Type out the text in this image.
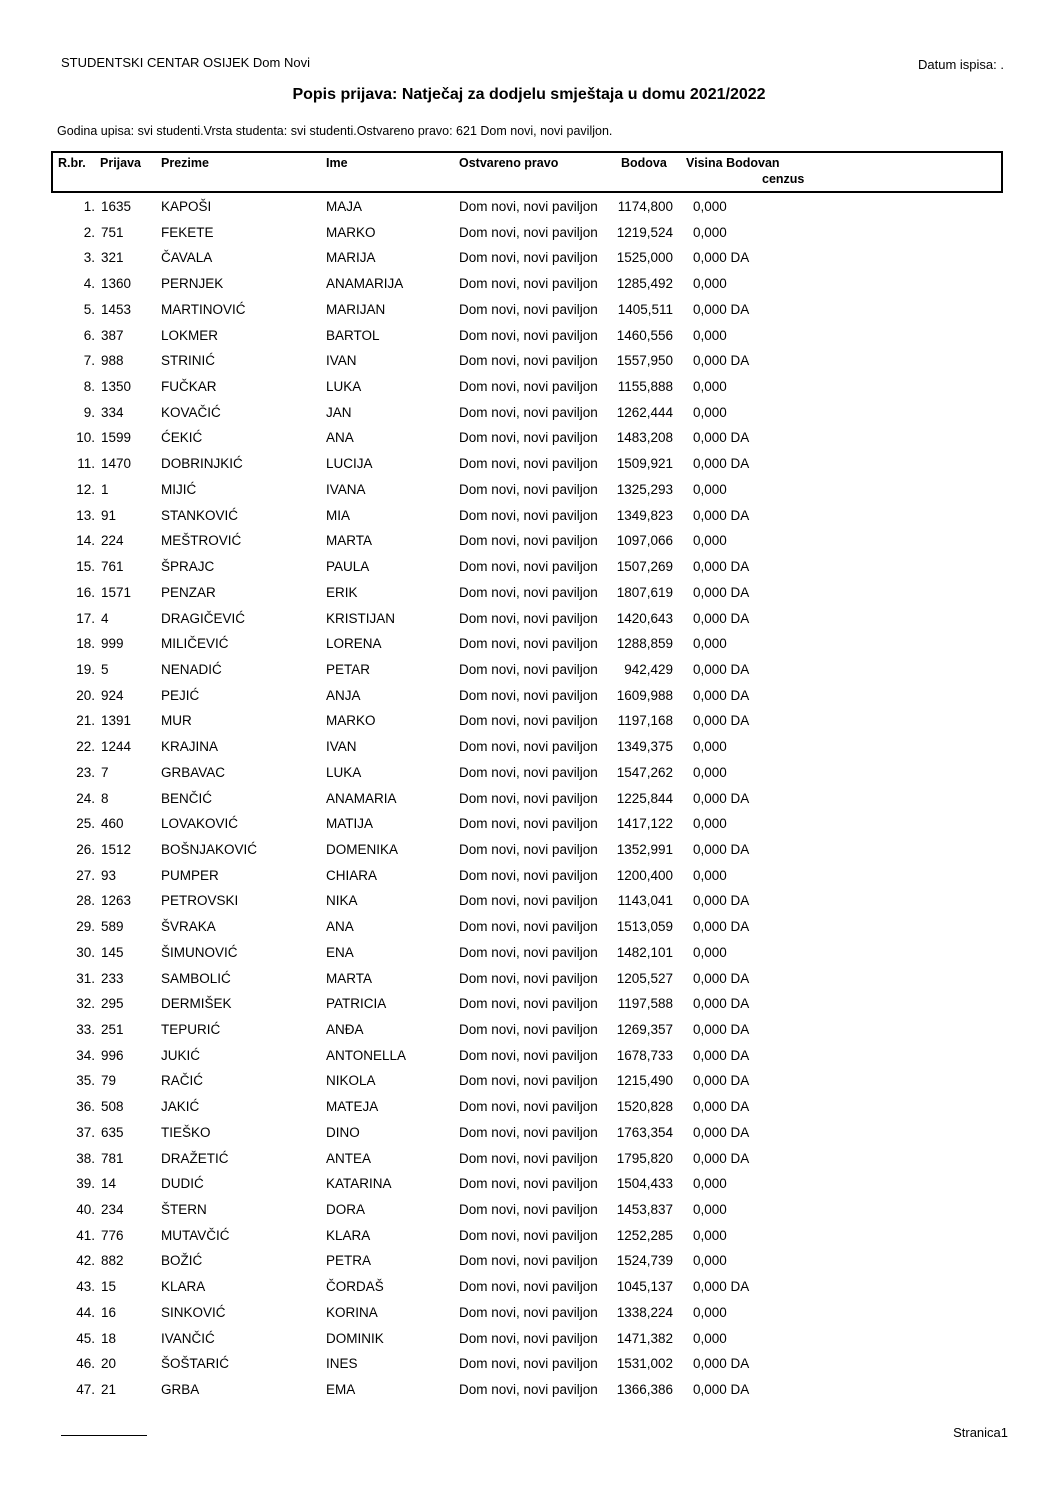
STUDENTSKI CENTAR OSIJEK Dom Novi	Datum ispisa: .
Popis prijava: Natječaj za dodjelu smještaja u domu 2021/2022
Godina upisa: svi studenti.Vrsta studenta: svi studenti.Ostvareno pravo: 621 Dom novi, novi paviljon.
R.br. Prijava Prezime	Ime	Ostvareno pravo	Bodova Visina Bodovan
cenzus
1. 1635 KAPOŠI	MAJA	Dom novi, novi paviljon 1174,800 0,000
2. 751	FEKETE	MARKO	Dom novi, novi paviljon 1219,524 0,000
3. 321	ČAVALA	MARIJA	Dom novi, novi paviljon 1525,000 0,000 DA
4. 1360 PERNJEK	ANAMARIJA	Dom novi, novi paviljon 1285,492 0,000
5. 1453 MARTINOVIĆ	MARIJAN	Dom novi, novi paviljon 1405,511 0,000 DA
6. 387	LOKMER	BARTOL	Dom novi, novi paviljon 1460,556 0,000
7. 988	STRINIĆ	IVAN	Dom novi, novi paviljon 1557,950 0,000 DA
8. 1350 FUČKAR	LUKA	Dom novi, novi paviljon 1155,888 0,000
9. 334	KOVAČIĆ	JAN	Dom novi, novi paviljon 1262,444 0,000
10. 1599 ĆEKIĆ	ANA	Dom novi, novi paviljon 1483,208 0,000 DA
11. 1470 DOBRINJKIĆ	LUCIJA	Dom novi, novi paviljon 1509,921 0,000 DA
12. 1	MIJIĆ	IVANA	Dom novi, novi paviljon 1325,293 0,000
13. 91	STANKOVIĆ	MIA	Dom novi, novi paviljon 1349,823 0,000 DA
14. 224	MEŠTROVIĆ	MARTA	Dom novi, novi paviljon 1097,066 0,000
15. 761	ŠPRAJC	PAULA	Dom novi, novi paviljon 1507,269 0,000 DA
16. 1571 PENZAR	ERIK	Dom novi, novi paviljon 1807,619 0,000 DA
17. 4	DRAGIČEVIĆ	KRISTIJAN	Dom novi, novi paviljon 1420,643 0,000 DA
18. 999	MILIČEVIĆ	LORENA	Dom novi, novi paviljon 1288,859 0,000
19. 5	NENADIĆ	PETAR	Dom novi, novi paviljon 942,429 0,000 DA
20. 924	PEJIĆ	ANJA	Dom novi, novi paviljon 1609,988 0,000 DA
21. 1391 MUR	MARKO	Dom novi, novi paviljon 1197,168 0,000 DA
22. 1244 KRAJINA	IVAN	Dom novi, novi paviljon 1349,375 0,000
23. 7	GRBAVAC	LUKA	Dom novi, novi paviljon 1547,262 0,000
24. 8	BENČIĆ	ANAMARIA	Dom novi, novi paviljon 1225,844 0,000 DA
25. 460	LOVAKOVIĆ	MATIJA	Dom novi, novi paviljon 1417,122 0,000
26. 1512 BOŠNJAKOVIĆ	DOMENIKA	Dom novi, novi paviljon 1352,991 0,000 DA
27. 93	PUMPER	CHIARA	Dom novi, novi paviljon 1200,400 0,000
28. 1263 PETROVSKI	NIKA	Dom novi, novi paviljon 1143,041 0,000 DA
29. 589	ŠVRAKA	ANA	Dom novi, novi paviljon 1513,059 0,000 DA
30. 145	ŠIMUNOVIĆ	ENA	Dom novi, novi paviljon 1482,101 0,000
31. 233	SAMBOLIĆ	MARTA	Dom novi, novi paviljon 1205,527 0,000 DA
32. 295	DERMIŠEK	PATRICIA	Dom novi, novi paviljon 1197,588 0,000 DA
33. 251	TEPURIĆ	ANĐA	Dom novi, novi paviljon 1269,357 0,000 DA
34. 996	JUKIĆ	ANTONELLA	Dom novi, novi paviljon 1678,733 0,000 DA
35. 79	RAČIĆ	NIKOLA	Dom novi, novi paviljon 1215,490 0,000 DA
36. 508	JAKIĆ	MATEJA	Dom novi, novi paviljon 1520,828 0,000 DA
37. 635	TIEŠKO	DINO	Dom novi, novi paviljon 1763,354 0,000 DA
38. 781	DRAŽETIĆ	ANTEA	Dom novi, novi paviljon 1795,820 0,000 DA
39. 14	DUDIĆ	KATARINA	Dom novi, novi paviljon 1504,433 0,000
40. 234	ŠTERN	DORA	Dom novi, novi paviljon 1453,837 0,000
41. 776	MUTAVČIĆ	KLARA	Dom novi, novi paviljon 1252,285 0,000
42. 882	BOŽIĆ	PETRA	Dom novi, novi paviljon 1524,739 0,000
43. 15	KLARA	ČORDAŠ	Dom novi, novi paviljon 1045,137 0,000 DA
44. 16	SINKOVIĆ	KORINA	Dom novi, novi paviljon 1338,224 0,000
45. 18	IVANČIĆ	DOMINIK	Dom novi, novi paviljon 1471,382 0,000
46. 20	ŠOŠTARIĆ	INES	Dom novi, novi paviljon 1531,002 0,000 DA
47. 21	GRBA	EMA	Dom novi, novi paviljon 1366,386 0,000 DA
Stranica1
